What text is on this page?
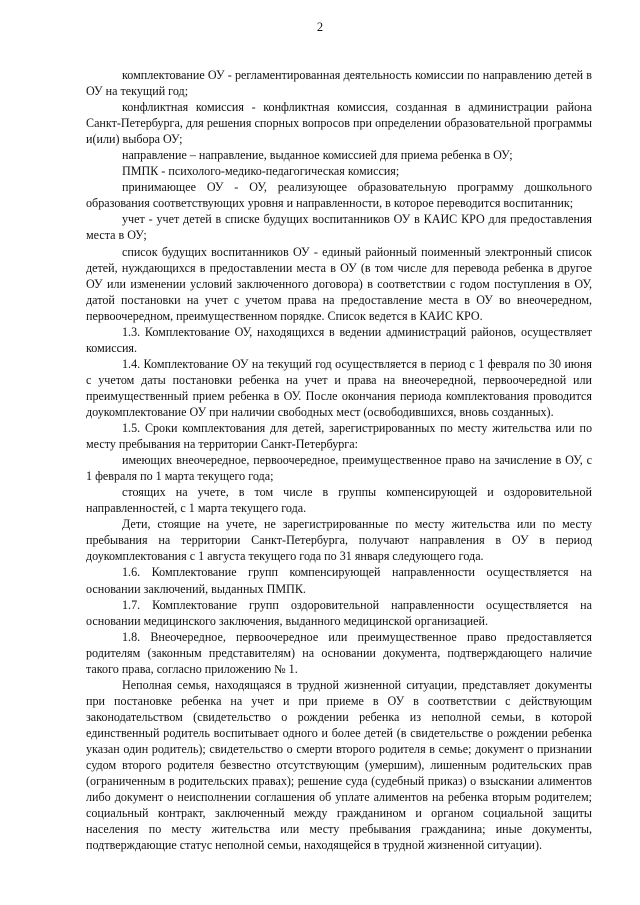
2

комплектование ОУ - регламентированная деятельность комиссии по направлению детей в ОУ на текущий год;

конфликтная комиссия - конфликтная комиссия, созданная в администрации района Санкт-Петербурга, для решения спорных вопросов при определении образовательной программы и(или) выбора ОУ;

направление – направление, выданное комиссией для приема ребенка в ОУ;

ПМПК - психолого-медико-педагогическая комиссия;

принимающее ОУ - ОУ, реализующее образовательную программу дошкольного образования соответствующих уровня и направленности, в которое переводится воспитанник;

учет - учет детей в списке будущих воспитанников ОУ в КАИС КРО для предоставления места в ОУ;

список будущих воспитанников ОУ - единый районный поименный электронный список детей, нуждающихся в предоставлении места в ОУ (в том числе для перевода ребенка в другое ОУ или изменении условий заключенного договора) в соответствии с годом поступления в ОУ, датой постановки на учет с учетом права на предоставление места в ОУ во внеочередном, первоочередном, преимущественном порядке. Список ведется в КАИС КРО.

1.3. Комплектование ОУ, находящихся в ведении администраций районов, осуществляет комиссия.

1.4. Комплектование ОУ на текущий год осуществляется в период с 1 февраля по 30 июня с учетом даты постановки ребенка на учет и права на внеочередной, первоочередной или преимущественный прием ребенка в ОУ. После окончания периода комплектования проводится доукомплектование ОУ при наличии свободных мест (освободившихся, вновь созданных).

1.5. Сроки комплектования для детей, зарегистрированных по месту жительства или по месту пребывания на территории Санкт-Петербурга:

имеющих внеочередное, первоочередное, преимущественное право на зачисление в ОУ, с 1 февраля по 1 марта текущего года;

стоящих на учете, в том числе в группы компенсирующей и оздоровительной направленностей, с 1 марта текущего года.

Дети, стоящие на учете, не зарегистрированные по месту жительства или по месту пребывания на территории Санкт-Петербурга, получают направления в ОУ в период доукомплектования с 1 августа текущего года по 31 января следующего года.

1.6. Комплектование групп компенсирующей направленности осуществляется на основании заключений, выданных ПМПК.

1.7. Комплектование групп оздоровительной направленности осуществляется на основании медицинского заключения, выданного медицинской организацией.

1.8. Внеочередное, первоочередное или преимущественное право предоставляется родителям (законным представителям) на основании документа, подтверждающего наличие такого права, согласно приложению № 1.

Неполная семья, находящаяся в трудной жизненной ситуации, представляет документы при постановке ребенка на учет и при приеме в ОУ в соответствии с действующим законодательством (свидетельство о рождении ребенка из неполной семьи, в которой единственный родитель воспитывает одного и более детей (в свидетельстве о рождении ребенка указан один родитель); свидетельство о смерти второго родителя в семье; документ о признании судом второго родителя безвестно отсутствующим (умершим), лишенным родительских прав (ограниченным в родительских правах); решение суда (судебный приказ) о взыскании алиментов либо документ о неисполнении соглашения об уплате алиментов на ребенка вторым родителем; социальный контракт, заключенный между гражданином и органом социальной защиты населения по месту жительства или месту пребывания гражданина; иные документы, подтверждающие статус неполной семьи, находящейся в трудной жизненной ситуации).
